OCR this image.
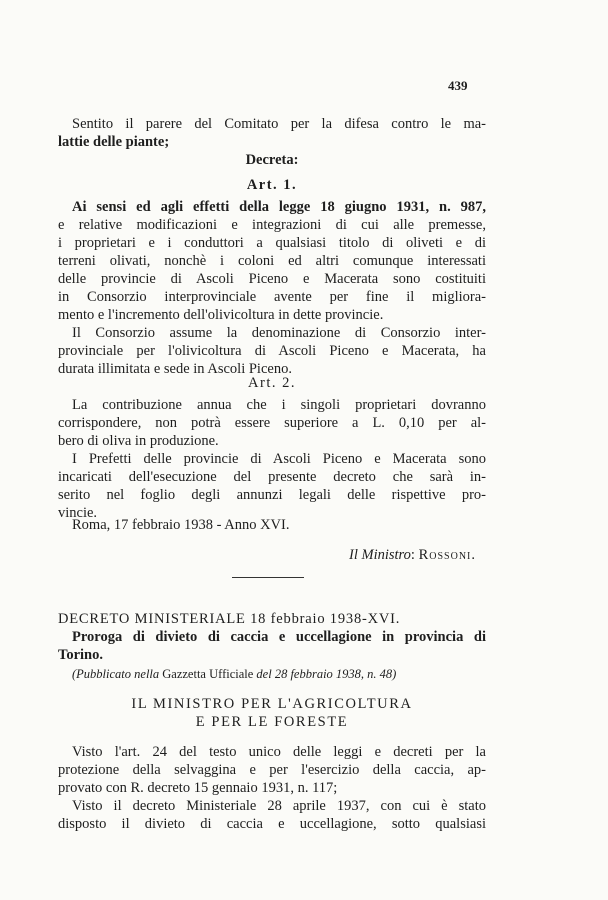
439
Sentito il parere del Comitato per la difesa contro le ma-
lattie delle piante;
Decreta:
Art. 1.
Ai sensi ed agli effetti della legge 18 giugno 1931, n. 987,
e relative modificazioni e integrazioni di cui alle premesse,
i proprietari e i conduttori a qualsiasi titolo di oliveti e di
terreni olivati, nonchè i coloni ed altri comunque interessati
delle provincie di Ascoli Piceno e Macerata sono costituiti
in Consorzio interprovinciale avente per fine il migliora-
mento e l'incremento dell'olivicoltura in dette provincie.
Il Consorzio assume la denominazione di Consorzio inter-
provinciale per l'olivicoltura di Ascoli Piceno e Macerata, ha
durata illimitata e sede in Ascoli Piceno.
Art. 2.
La contribuzione annua che i singoli proprietari dovranno
corrispondere, non potrà essere superiore a L. 0,10 per al-
bero di oliva in produzione.
I Prefetti delle provincie di Ascoli Piceno e Macerata sono
incaricati dell'esecuzione del presente decreto che sarà in-
serito nel foglio degli annunzi legali delle rispettive pro-
vincie.
Roma, 17 febbraio 1938 - Anno XVI.
Il Ministro: Rossoni.
DECRETO MINISTERIALE 18 febbraio 1938-XVI.
Proroga di divieto di caccia e uccellagione in provincia di
Torino.
(Pubblicato nella Gazzetta Ufficiale del 28 febbraio 1938, n. 48)
IL MINISTRO PER L'AGRICOLTURA
E PER LE FORESTE
Visto l'art. 24 del testo unico delle leggi e decreti per la
protezione della selvaggina e per l'esercizio della caccia, ap-
provato con R. decreto 15 gennaio 1931, n. 117;
Visto il decreto Ministeriale 28 aprile 1937, con cui è stato
disposto il divieto di caccia e uccellagione, sotto qualsiasi
